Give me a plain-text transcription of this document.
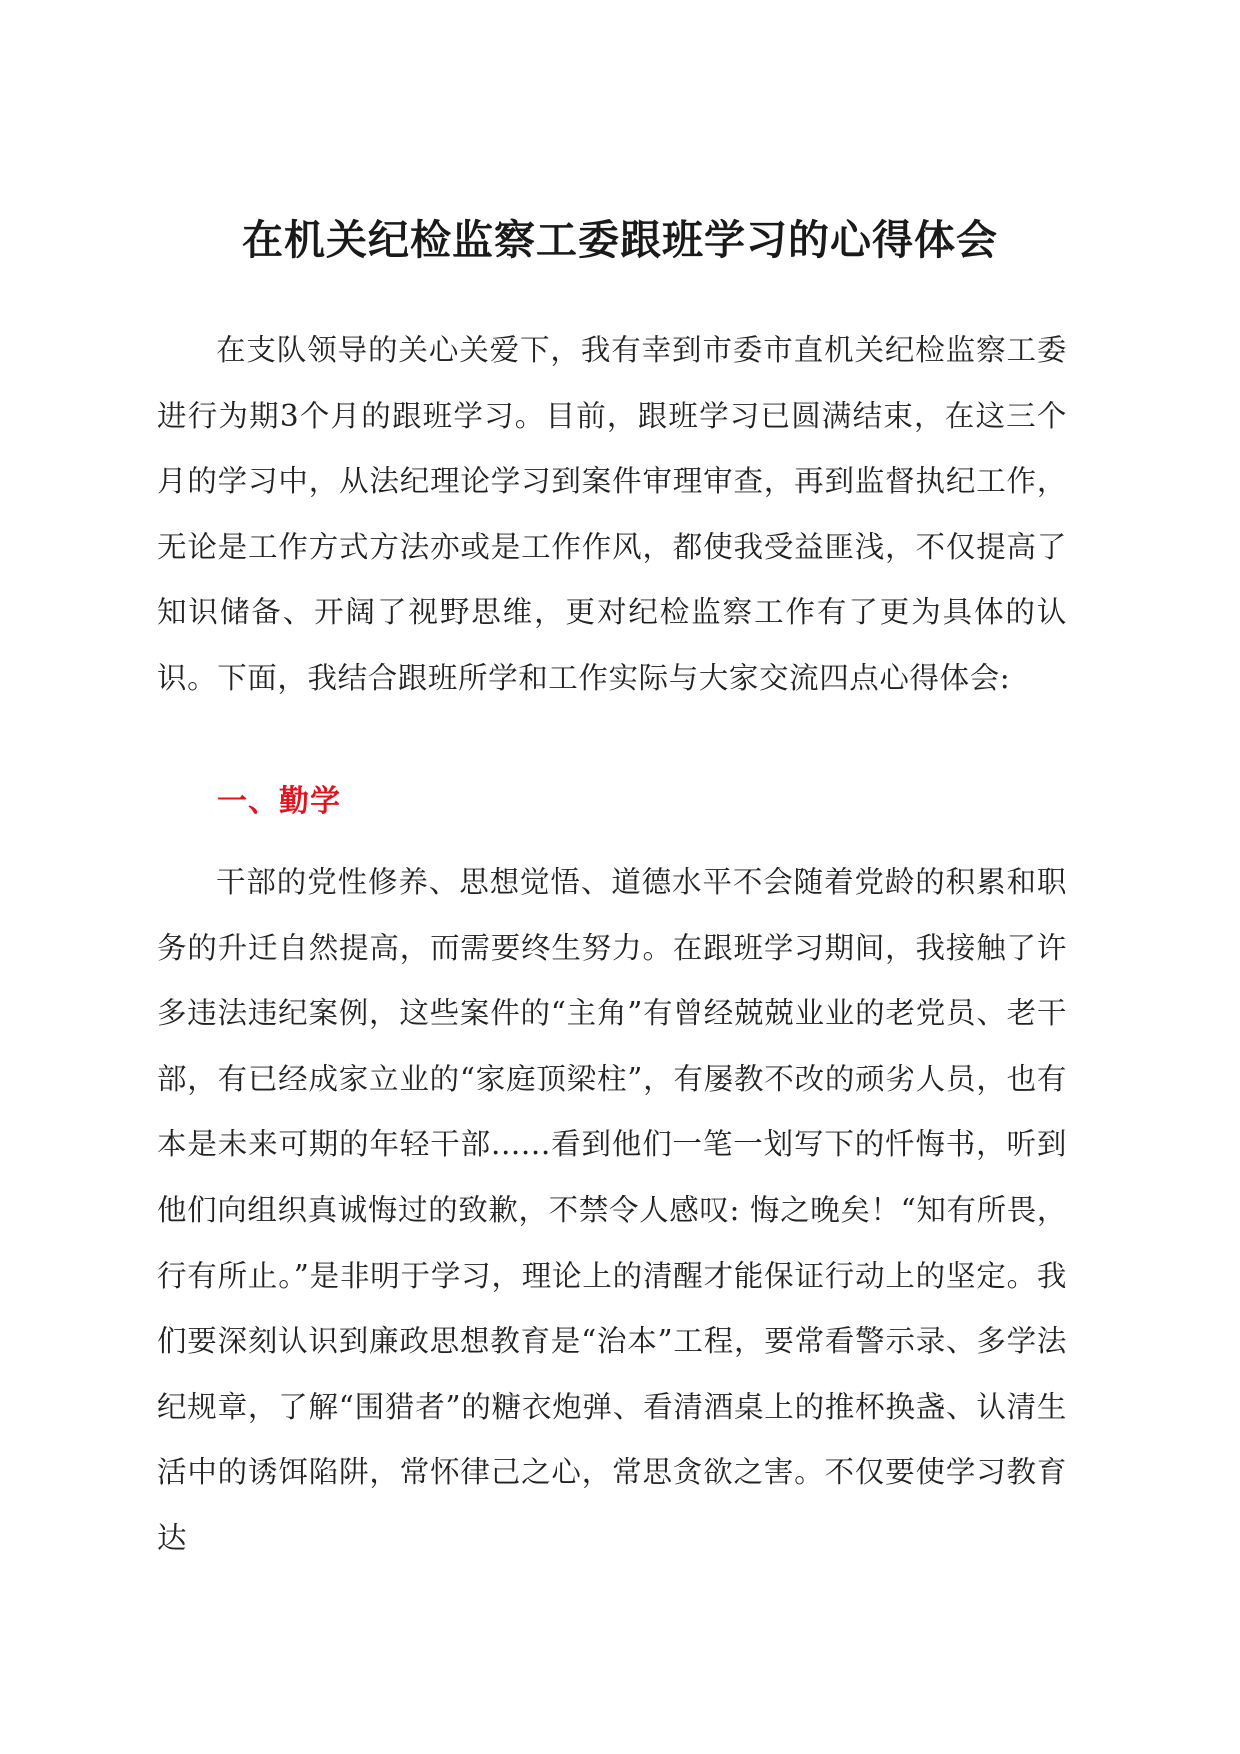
在机关纪检监察工委跟班学习的心得体会

在支队领导的关心关爱下，我有幸到市委市直机关纪检监察工委进行为期3个月的跟班学习。目前，跟班学习已圆满结束，在这三个月的学习中，从法纪理论学习到案件审理审查，再到监督执纪工作，无论是工作方式方法亦或是工作作风，都使我受益匪浅，不仅提高了知识储备、开阔了视野思维，更对纪检监察工作有了更为具体的认识。下面，我结合跟班所学和工作实际与大家交流四点心得体会:

一、勤学

干部的党性修养、思想觉悟、道德水平不会随着党龄的积累和职务的升迁自然提高，而需要终生努力。在跟班学习期间，我接触了许多违法违纪案例，这些案件的“主角”有曾经兢兢业业的老党员、老干部，有已经成家立业的“家庭顶梁柱”，有屡教不改的顽劣人员，也有本是未来可期的年轻干部......看到他们一笔一划写下的忏悔书，听到他们向组织真诚悔过的致歉，不禁令人感叹: 悔之晚矣！“知有所畏，行有所止。”是非明于学习，理论上的清醒才能保证行动上的坚定。我们要深刻认识到廉政思想教育是“治本”工程，要常看警示录、多学法纪规章，了解“围猎者”的糖衣炮弹、看清酒桌上的推杯换盏、认清生活中的诱饵陷阱，常怀律己之心，常思贪欲之害。不仅要使学习教育达
